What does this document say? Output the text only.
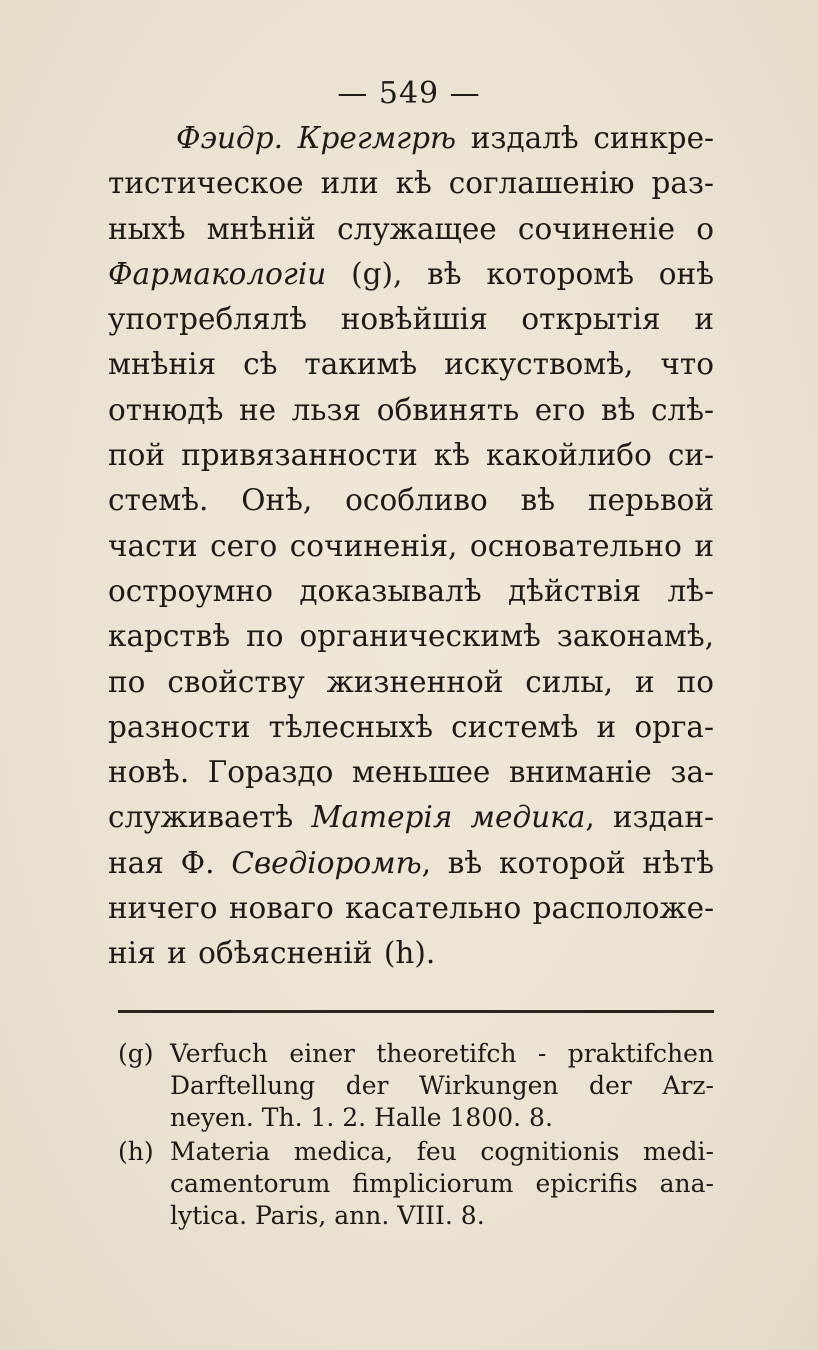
— 549 —
Фэидр. Крегмгрѣ издалѣ синкре-
тистическое или кѣ соглашенію раз-
ныхѣ мнѣній служащее сочиненіе о
Фармакологіи (g), вѣ которомѣ онѣ
употреблялѣ новѣйшія открытія и
мнѣнія сѣ такимѣ искуствомѣ, что
отнюдѣ не льзя обвинять его вѣ слѣ-
пой привязанности кѣ какойлибо си-
стемѣ. Онѣ, особливо вѣ перьвой
части сего сочиненія, основательно и
остроумно доказывалѣ дѣйствія лѣ-
карствѣ по органическимѣ законамѣ,
по свойству жизненной силы, и по
разности тѣлесныхѣ системѣ и орга-
новѣ. Гораздо меньшее вниманіе за-
служиваетѣ Матерія медика, издан-
ная Ф. Сведіоромѣ, вѣ которой нѣтѣ
ничего новаго касательно расположе-
нія и обѣясненій (h).
(g) Verfuch einer theoretifch - praktifchen
Darftellung der Wirkungen der Arz-
neyen. Th. 1. 2. Halle 1800. 8.
(h) Materia medica, feu cognitionis medi-
camentorum fimpliciorum epicrifis ana-
lytica. Paris, ann. VIII. 8.
